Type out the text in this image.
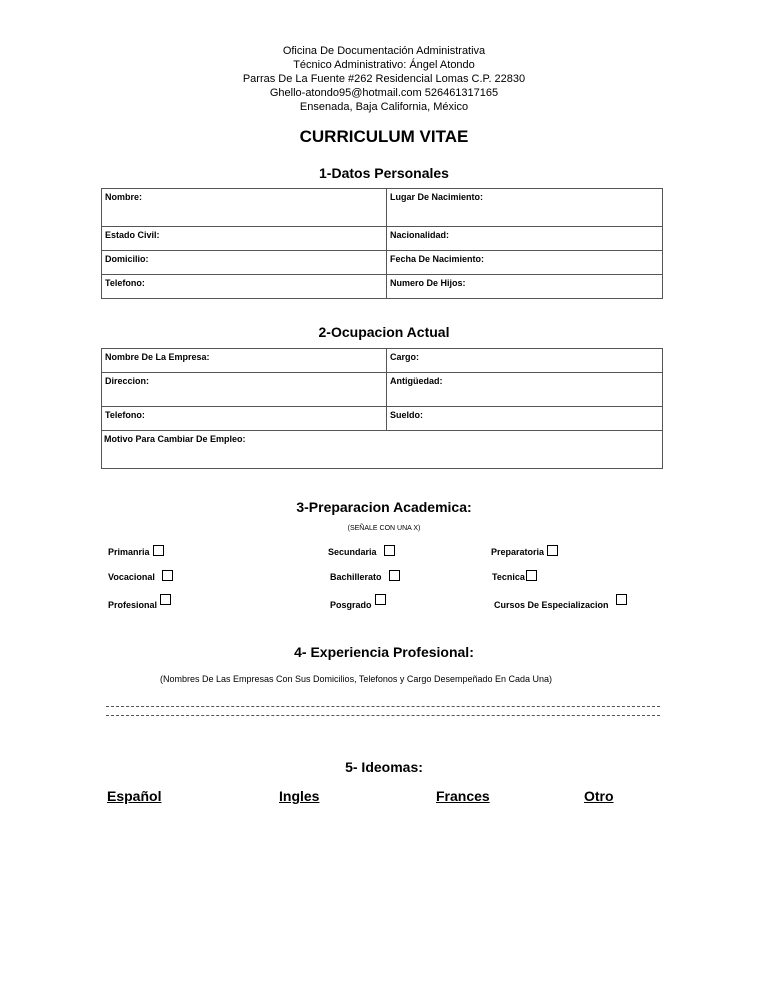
Oficina De Documentación Administrativa
Técnico Administrativo: Ángel Atondo
Parras De La Fuente #262 Residencial Lomas C.P. 22830
Ghello-atondo95@hotmail.com 526461317165
Ensenada, Baja California, México
CURRICULUM VITAE
1-Datos Personales
Nombre:	Lugar De Nacimiento:
Estado Civil:	Nacionalidad:
Domicilio:	Fecha De Nacimiento:
Telefono:	Numero De Hijos:
2-Ocupacion Actual
Nombre De La Empresa:	Cargo:
Direccion:	Antigüedad:
Telefono:	Sueldo:
Motivo Para Cambiar De Empleo:	
3-Preparacion Academica:
(SEÑALE CON UNA X)
Primanria	Secundaria	Preparatoria
Vocacional	Bachillerato	Tecnica
Profesional	Posgrado	Cursos De Especializacion
4- Experiencia Profesional:
(Nombres De Las Empresas Con Sus Domicilios, Telefonos y Cargo Desempeñado En Cada Una)
5- Ideomas:
Español	Ingles	Frances	Otro
